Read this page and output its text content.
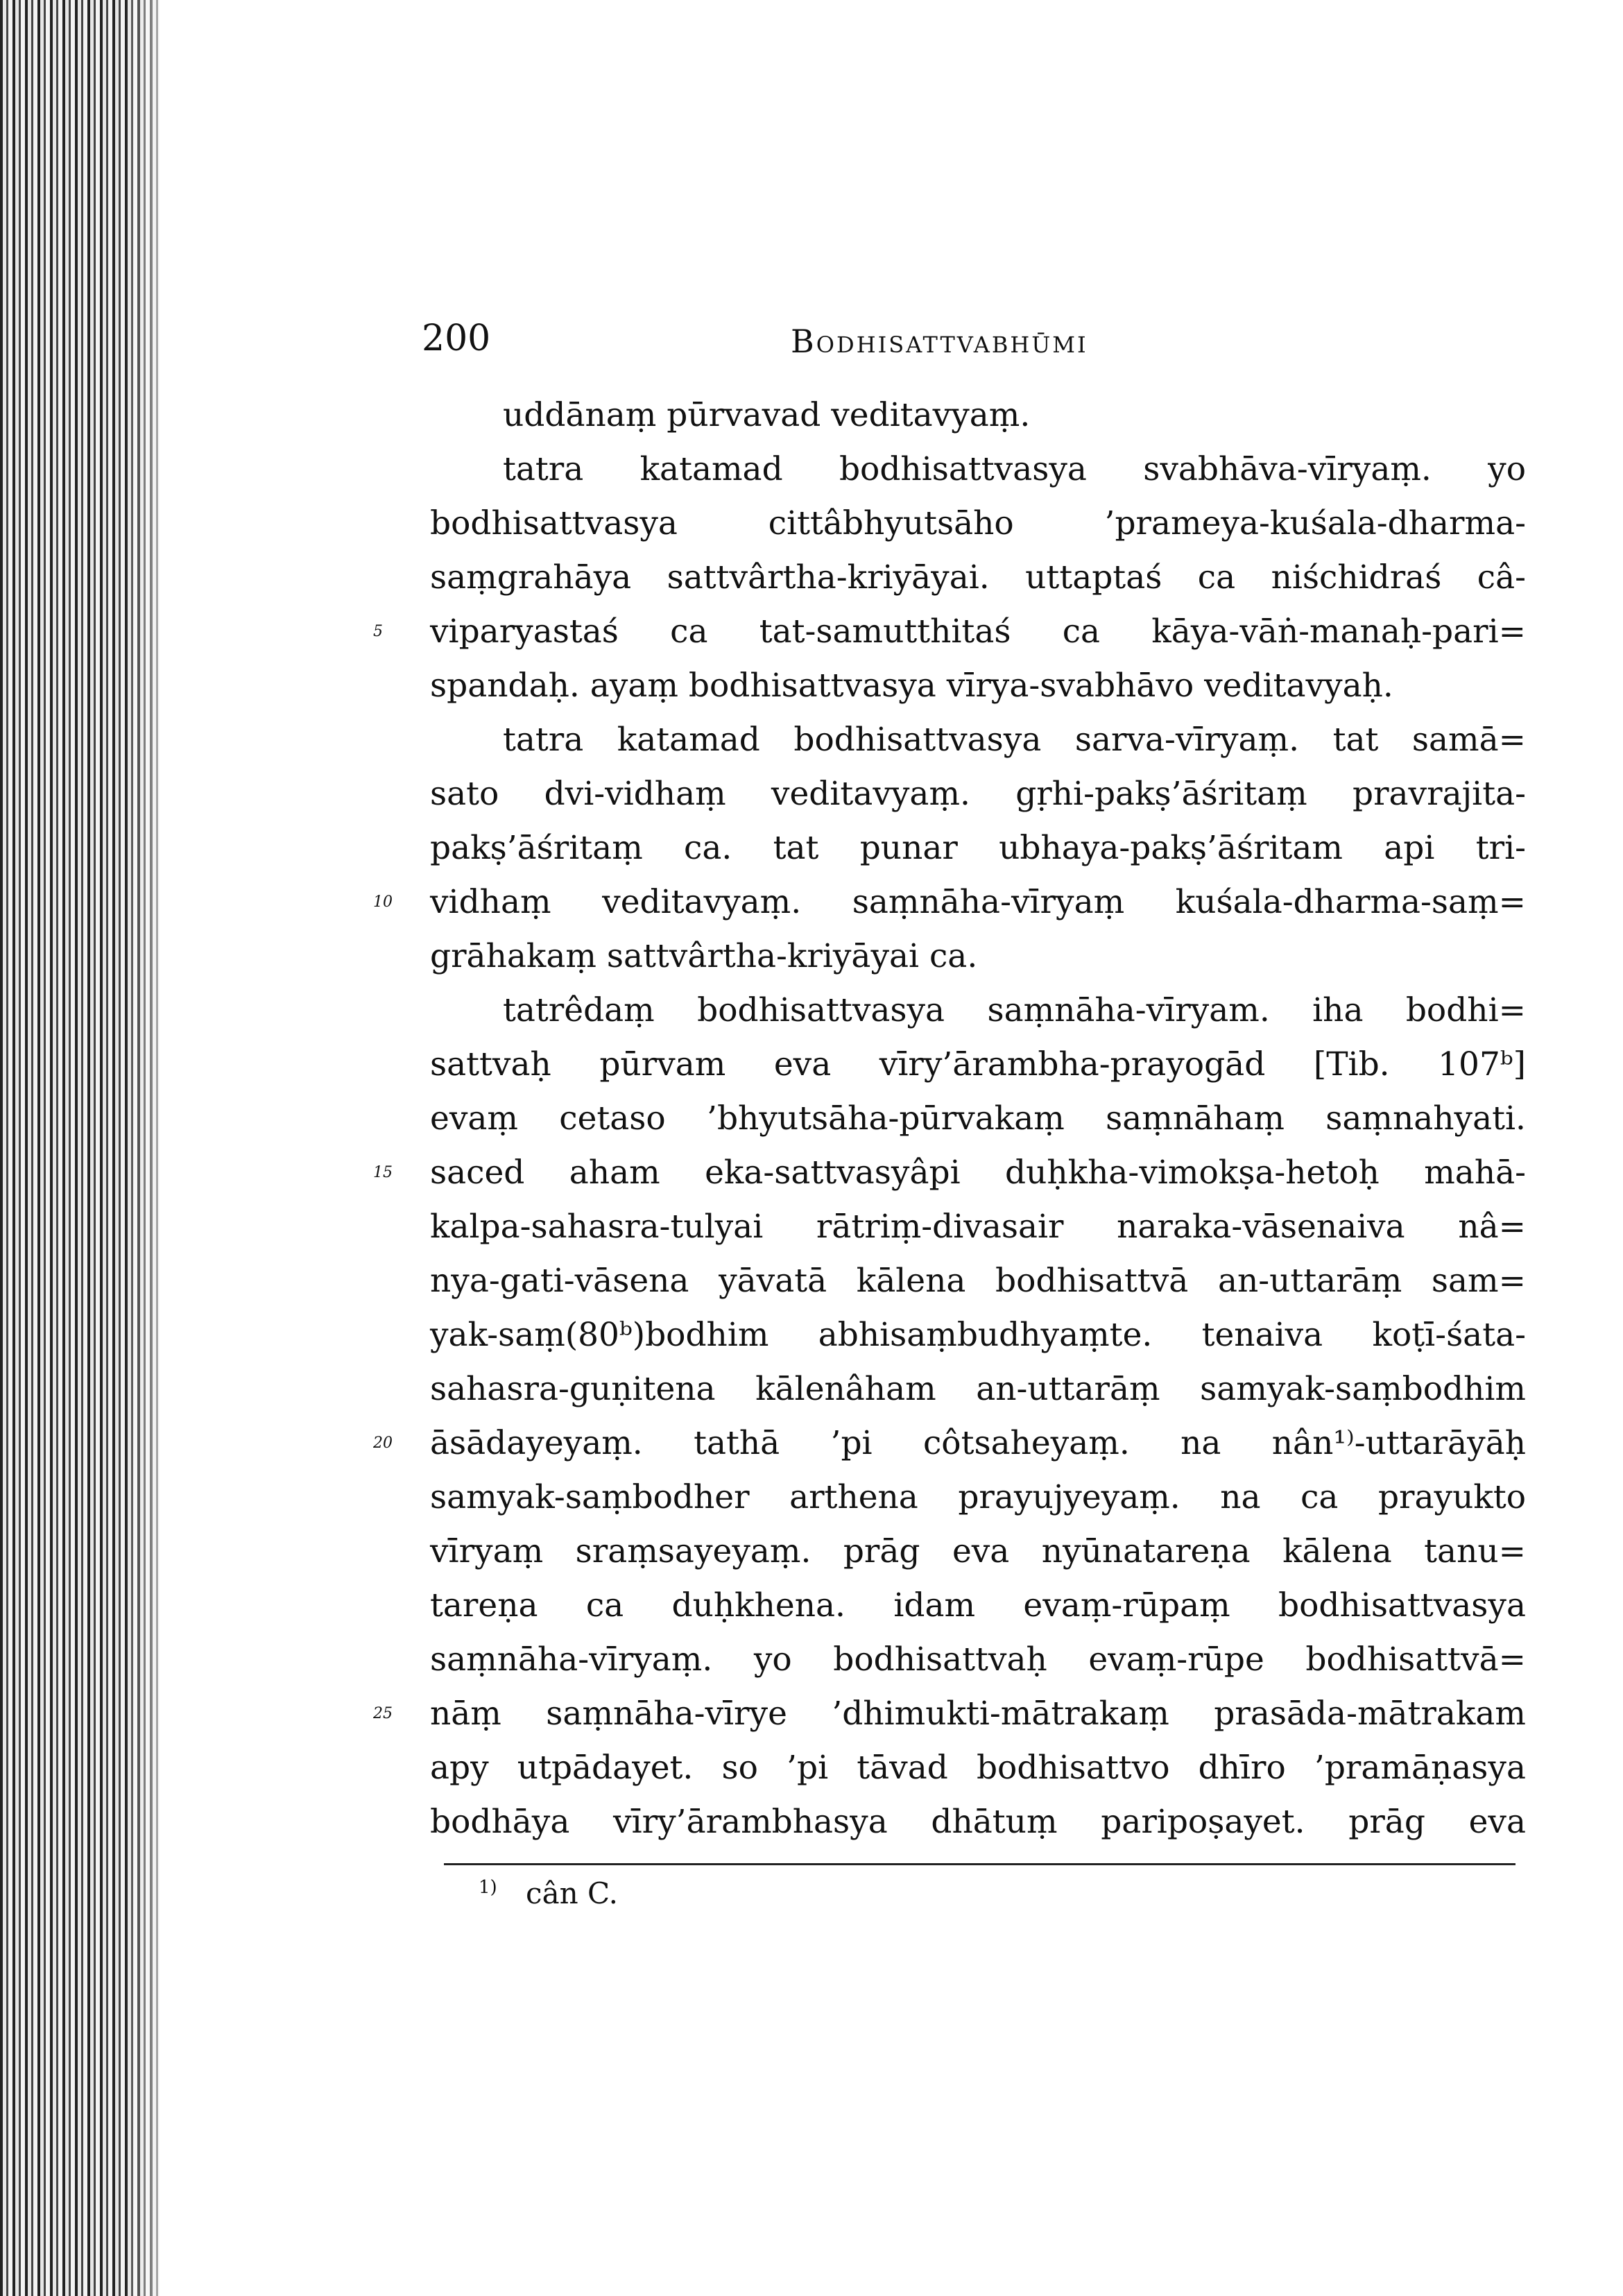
200	Bodhisattvabhūmi
uddānaṃ pūrvavad veditavyaṃ.
tatra katamad bodhisattvasya svabhāva-vīryaṃ. yo
bodhisattvasya cittâbhyutsāho ’prameya-kuśala-dharma-
saṃgrahāya sattvârtha-kriyāyai. uttaptaś ca niśchidraś câ-
viparyastaś ca tat-samutthitaś ca kāya-vāṅ-manaḥ-pari=
spandaḥ. ayaṃ bodhisattvasya vīrya-svabhāvo veditavyaḥ.
tatra katamad bodhisattvasya sarva-vīryaṃ. tat samā=
sato dvi-vidhaṃ veditavyaṃ. gṛhi-pakṣ’āśritaṃ pravrajita-
pakṣ’āśritaṃ ca. tat punar ubhaya-pakṣ’āśritam api tri-
vidhaṃ veditavyaṃ. saṃnāha-vīryaṃ kuśala-dharma-saṃ=
grāhakaṃ sattvârtha-kriyāyai ca.
tatrêdaṃ bodhisattvasya saṃnāha-vīryam. iha bodhi=
sattvaḥ pūrvam eva vīry’ārambha-prayogād [Tib. 107ᵇ]
evaṃ cetaso ’bhyutsāha-pūrvakaṃ saṃnāhaṃ saṃnahyati.
saced aham eka-sattvasyâpi duḥkha-vimokṣa-hetoḥ mahā-
kalpa-sahasra-tulyai rātriṃ-divasair naraka-vāsenaiva nâ=
nya-gati-vāsena yāvatā kālena bodhisattvā an-uttarāṃ sam=
yak-saṃ(80ᵇ)bodhim abhisaṃbudhyaṃte. tenaiva koṭī-śata-
sahasra-guṇitena kālenâham an-uttarāṃ samyak-saṃbodhim
āsādayeyaṃ. tathā ’pi côtsaheyaṃ. na nân¹⁾-uttarāyāḥ
samyak-saṃbodher arthena prayujyeyaṃ. na ca prayukto
vīryaṃ sraṃsayeyaṃ. prāg eva nyūnatareṇa kālena tanu=
tareṇa ca duḥkhena. idam evaṃ-rūpaṃ bodhisattvasya
saṃnāha-vīryaṃ. yo bodhisattvaḥ evaṃ-rūpe bodhisattvā=
nāṃ saṃnāha-vīrye ’dhimukti-mātrakaṃ prasāda-mātrakam
apy utpādayet. so ’pi tāvad bodhisattvo dhīro ’pramāṇasya
bodhāya vīry’ārambhasya dhātuṃ paripoṣayet. prāg eva
5
10
15
20
25
$^{1)}$ cân C.
